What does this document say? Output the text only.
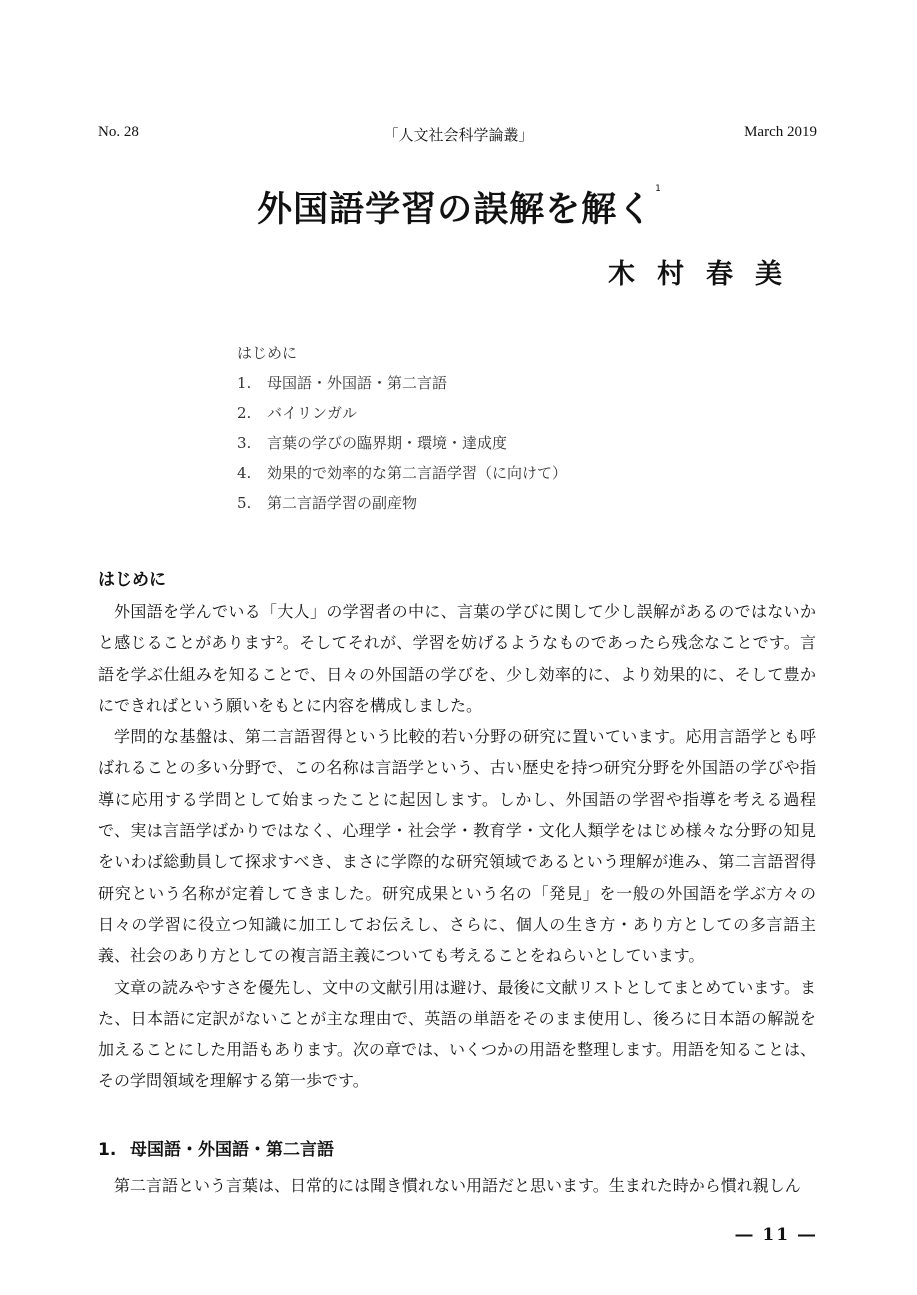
No. 28	「人文社会科学論叢」	March 2019
外国語学習の誤解を解く$^1$
木村春美
はじめに
1. 母国語・外国語・第二言語
2. バイリンガル
3. 言葉の学びの臨界期・環境・達成度
4. 効果的で効率的な第二言語学習（に向けて）
5. 第二言語学習の副産物
はじめに

外国語を学んでいる「大人」の学習者の中に、言葉の学びに関して少し誤解があるのではないかと感じることがあります²。そしてそれが、学習を妨げるようなものであったら残念なことです。言語を学ぶ仕組みを知ることで、日々の外国語の学びを、少し効率的に、より効果的に、そして豊かにできればという願いをもとに内容を構成しました。

学問的な基盤は、第二言語習得という比較的若い分野の研究に置いています。応用言語学とも呼ばれることの多い分野で、この名称は言語学という、古い歴史を持つ研究分野を外国語の学びや指導に応用する学問として始まったことに起因します。しかし、外国語の学習や指導を考える過程で、実は言語学ばかりではなく、心理学・社会学・教育学・文化人類学をはじめ様々な分野の知見をいわば総動員して探求すべき、まさに学際的な研究領域であるという理解が進み、第二言語習得研究という名称が定着してきました。研究成果という名の「発見」を一般の外国語を学ぶ方々の日々の学習に役立つ知識に加工してお伝えし、さらに、個人の生き方・あり方としての多言語主義、社会のあり方としての複言語主義についても考えることをねらいとしています。

文章の読みやすさを優先し、文中の文献引用は避け、最後に文献リストとしてまとめています。また、日本語に定訳がないことが主な理由で、英語の単語をそのまま使用し、後ろに日本語の解説を加えることにした用語もあります。次の章では、いくつかの用語を整理します。用語を知ることは、その学問領域を理解する第一歩です。

1. 母国語・外国語・第二言語

第二言語という言葉は、日常的には聞き慣れない用語だと思います。生まれた時から慣れ親しん

― 11 ―
